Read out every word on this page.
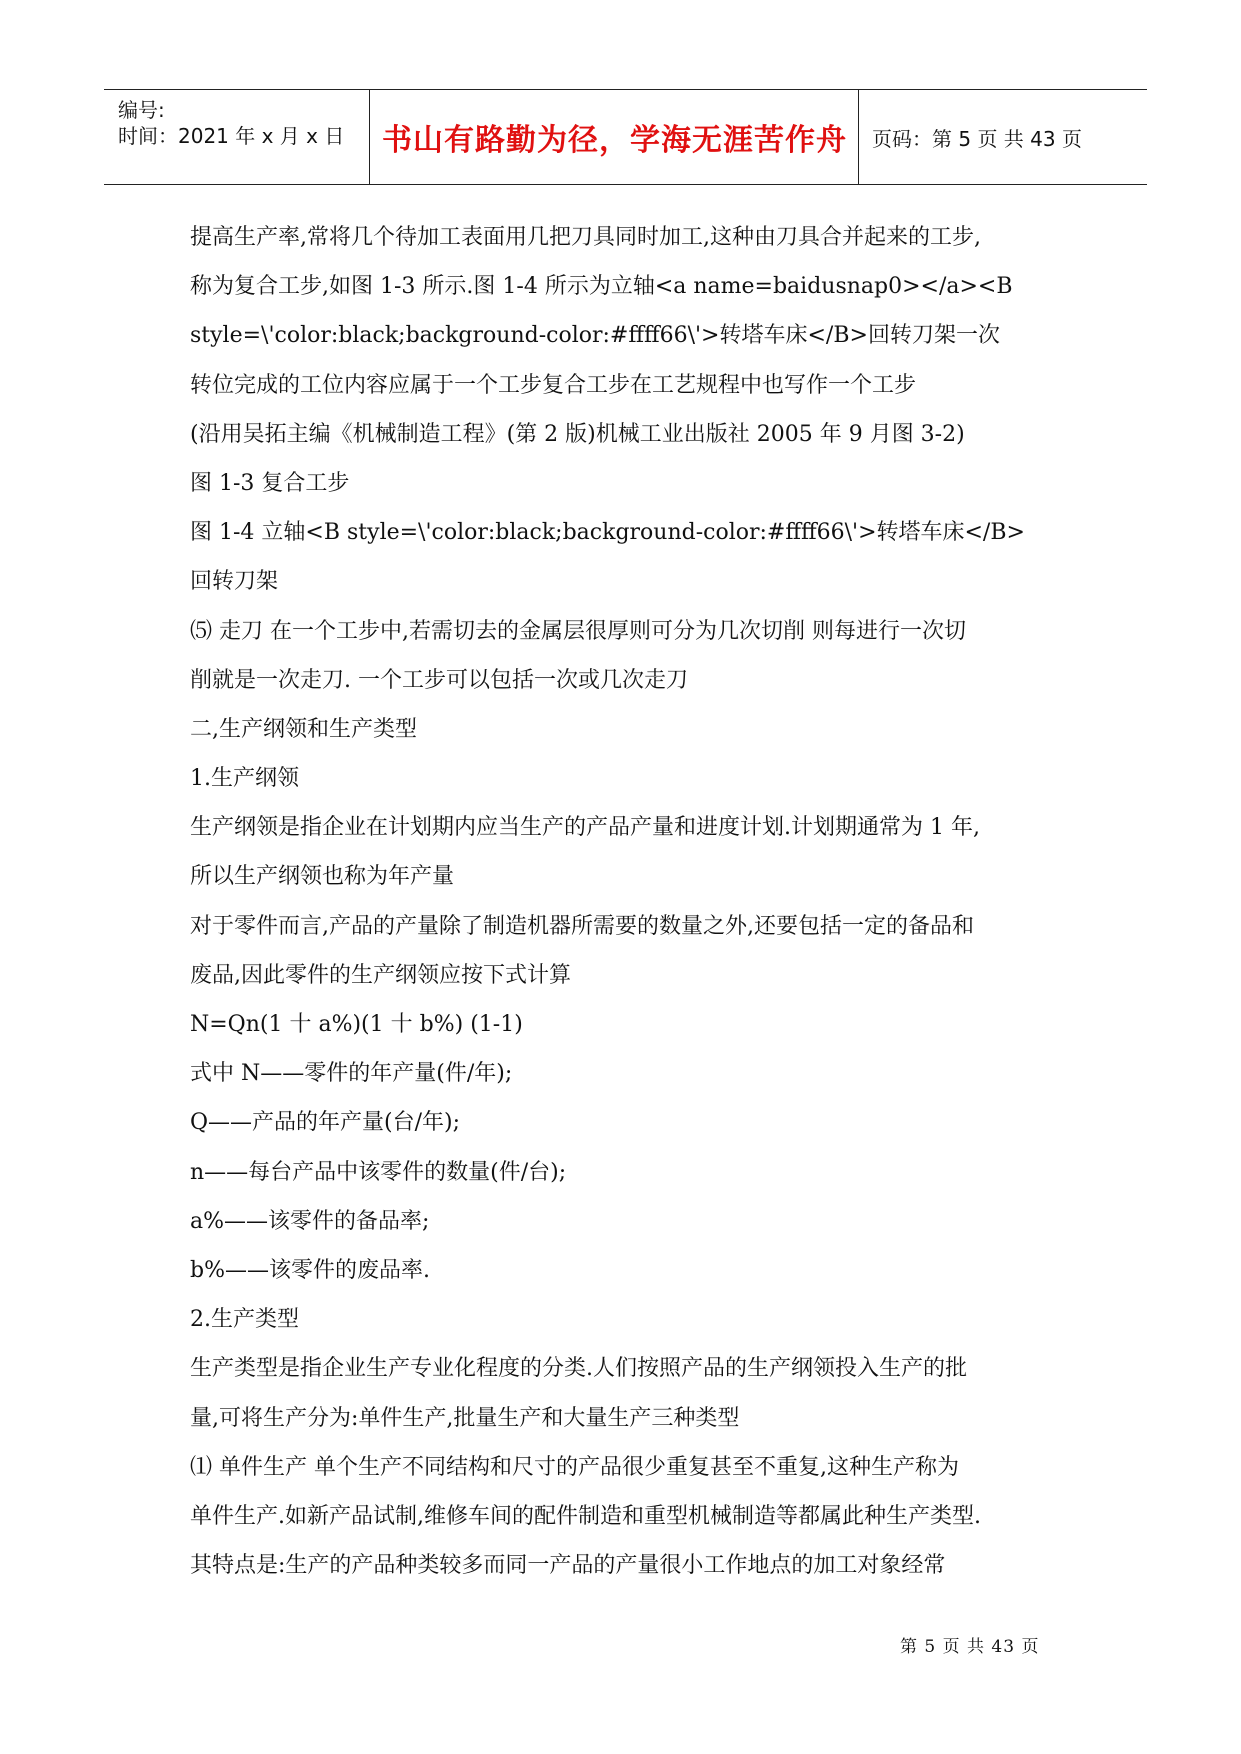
编号:
时间：2021 年 x 月 x 日	书山有路勤为径，学海无涯苦作舟	页码：第 5 页 共 43 页
提高生产率,常将几个待加工表面用几把刀具同时加工,这种由刀具合并起来的工步,
称为复合工步,如图 1-3 所示.图 1-4 所示为立轴<a name=baidusnap0></a><B
style=\'color:black;background-color:#ffff66\'>转塔车床</B>回转刀架一次
转位完成的工位内容应属于一个工步复合工步在工艺规程中也写作一个工步
(沿用吴拓主编《机械制造工程》(第 2 版)机械工业出版社 2005 年 9 月图 3-2)
图 1-3 复合工步
图 1-4 立轴<B style=\'color:black;background-color:#ffff66\'>转塔车床</B>
回转刀架
⑸ 走刀 在一个工步中,若需切去的金属层很厚则可分为几次切削 则每进行一次切
削就是一次走刀. 一个工步可以包括一次或几次走刀
二,生产纲领和生产类型
1.生产纲领
生产纲领是指企业在计划期内应当生产的产品产量和进度计划.计划期通常为 1 年,
所以生产纲领也称为年产量
对于零件而言,产品的产量除了制造机器所需要的数量之外,还要包括一定的备品和
废品,因此零件的生产纲领应按下式计算
N=Qn(1 十 a%)(1 十 b%) (1-1)
式中 N——零件的年产量(件/年);
Q——产品的年产量(台/年);
n——每台产品中该零件的数量(件/台);
a%——该零件的备品率;
b%——该零件的废品率.
2.生产类型
生产类型是指企业生产专业化程度的分类.人们按照产品的生产纲领投入生产的批
量,可将生产分为:单件生产,批量生产和大量生产三种类型
⑴ 单件生产 单个生产不同结构和尺寸的产品很少重复甚至不重复,这种生产称为
单件生产.如新产品试制,维修车间的配件制造和重型机械制造等都属此种生产类型.
其特点是:生产的产品种类较多而同一产品的产量很小工作地点的加工对象经常
第 5 页 共 43 页
